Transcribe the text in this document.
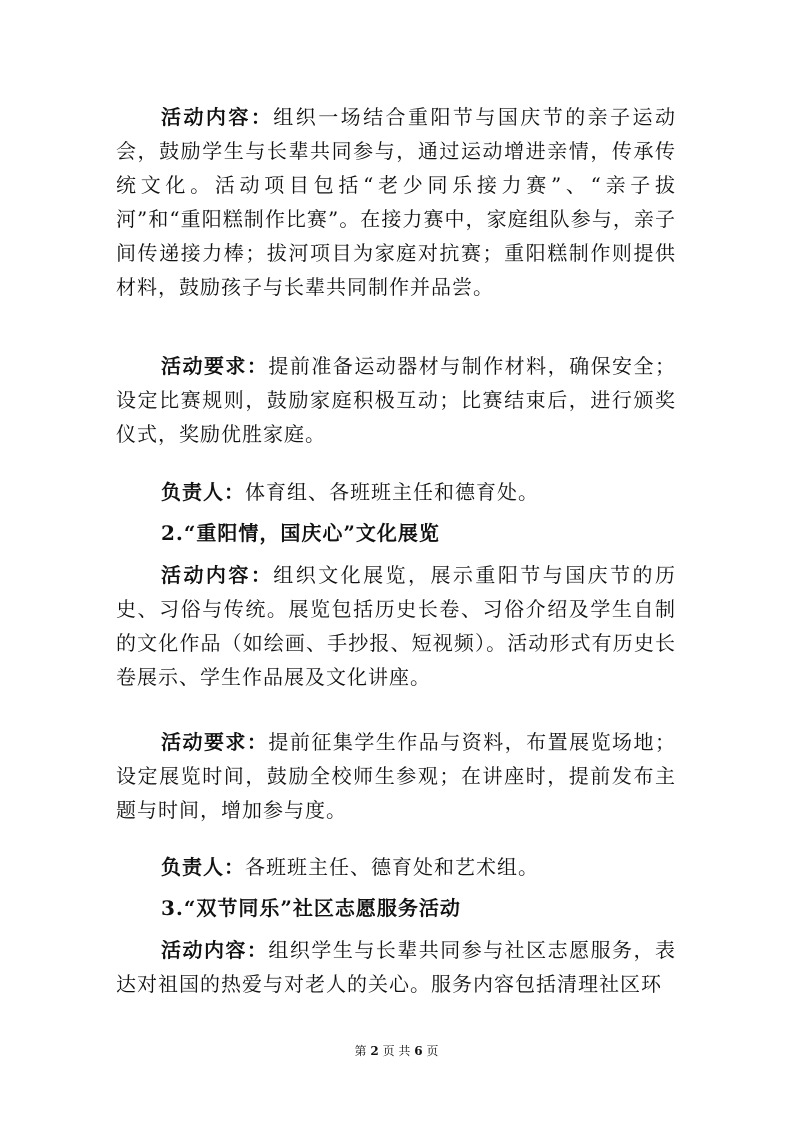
活动内容：组织一场结合重阳节与国庆节的亲子运动会，鼓励学生与长辈共同参与，通过运动增进亲情，传承传统文化。活动项目包括“老少同乐接力赛”、“亲子拔河”和“重阳糕制作比赛”。在接力赛中，家庭组队参与，亲子间传递接力棒；拔河项目为家庭对抗赛；重阳糕制作则提供材料，鼓励孩子与长辈共同制作并品尝。

活动要求：提前准备运动器材与制作材料，确保安全；设定比赛规则，鼓励家庭积极互动；比赛结束后，进行颁奖仪式，奖励优胜家庭。

负责人：体育组、各班班主任和德育处。

2.“重阳情，国庆心”文化展览

活动内容：组织文化展览，展示重阳节与国庆节的历史、习俗与传统。展览包括历史长卷、习俗介绍及学生自制的文化作品（如绘画、手抄报、短视频）。活动形式有历史长卷展示、学生作品展及文化讲座。

活动要求：提前征集学生作品与资料，布置展览场地；设定展览时间，鼓励全校师生参观；在讲座时，提前发布主题与时间，增加参与度。

负责人：各班班主任、德育处和艺术组。

3.“双节同乐”社区志愿服务活动

活动内容：组织学生与长辈共同参与社区志愿服务，表达对祖国的热爱与对老人的关心。服务内容包括清理社区环

第 2 页 共 6 页
